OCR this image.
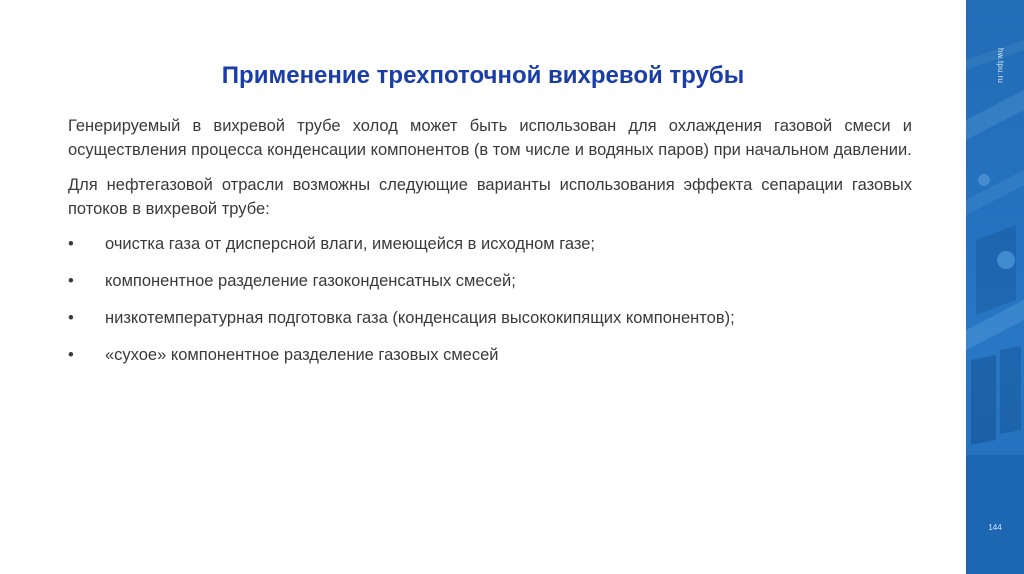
hw.tpu.ru
144
Применение трехпоточной вихревой трубы

Генерируемый в вихревой трубе холод может быть использован для охлаждения газовой смеси и осуществления процесса конденсации компонентов (в том числе и водяных паров) при начальном давлении.

Для нефтегазовой отрасли возможны следующие варианты использования эффекта сепарации газовых потоков в вихревой трубе:

• очистка газа от дисперсной влаги, имеющейся в исходном газе;
• компонентное разделение газоконденсатных смесей;
• низкотемпературная подготовка газа (конденсация высококипящих компонентов);
• «сухое» компонентное разделение газовых смесей
